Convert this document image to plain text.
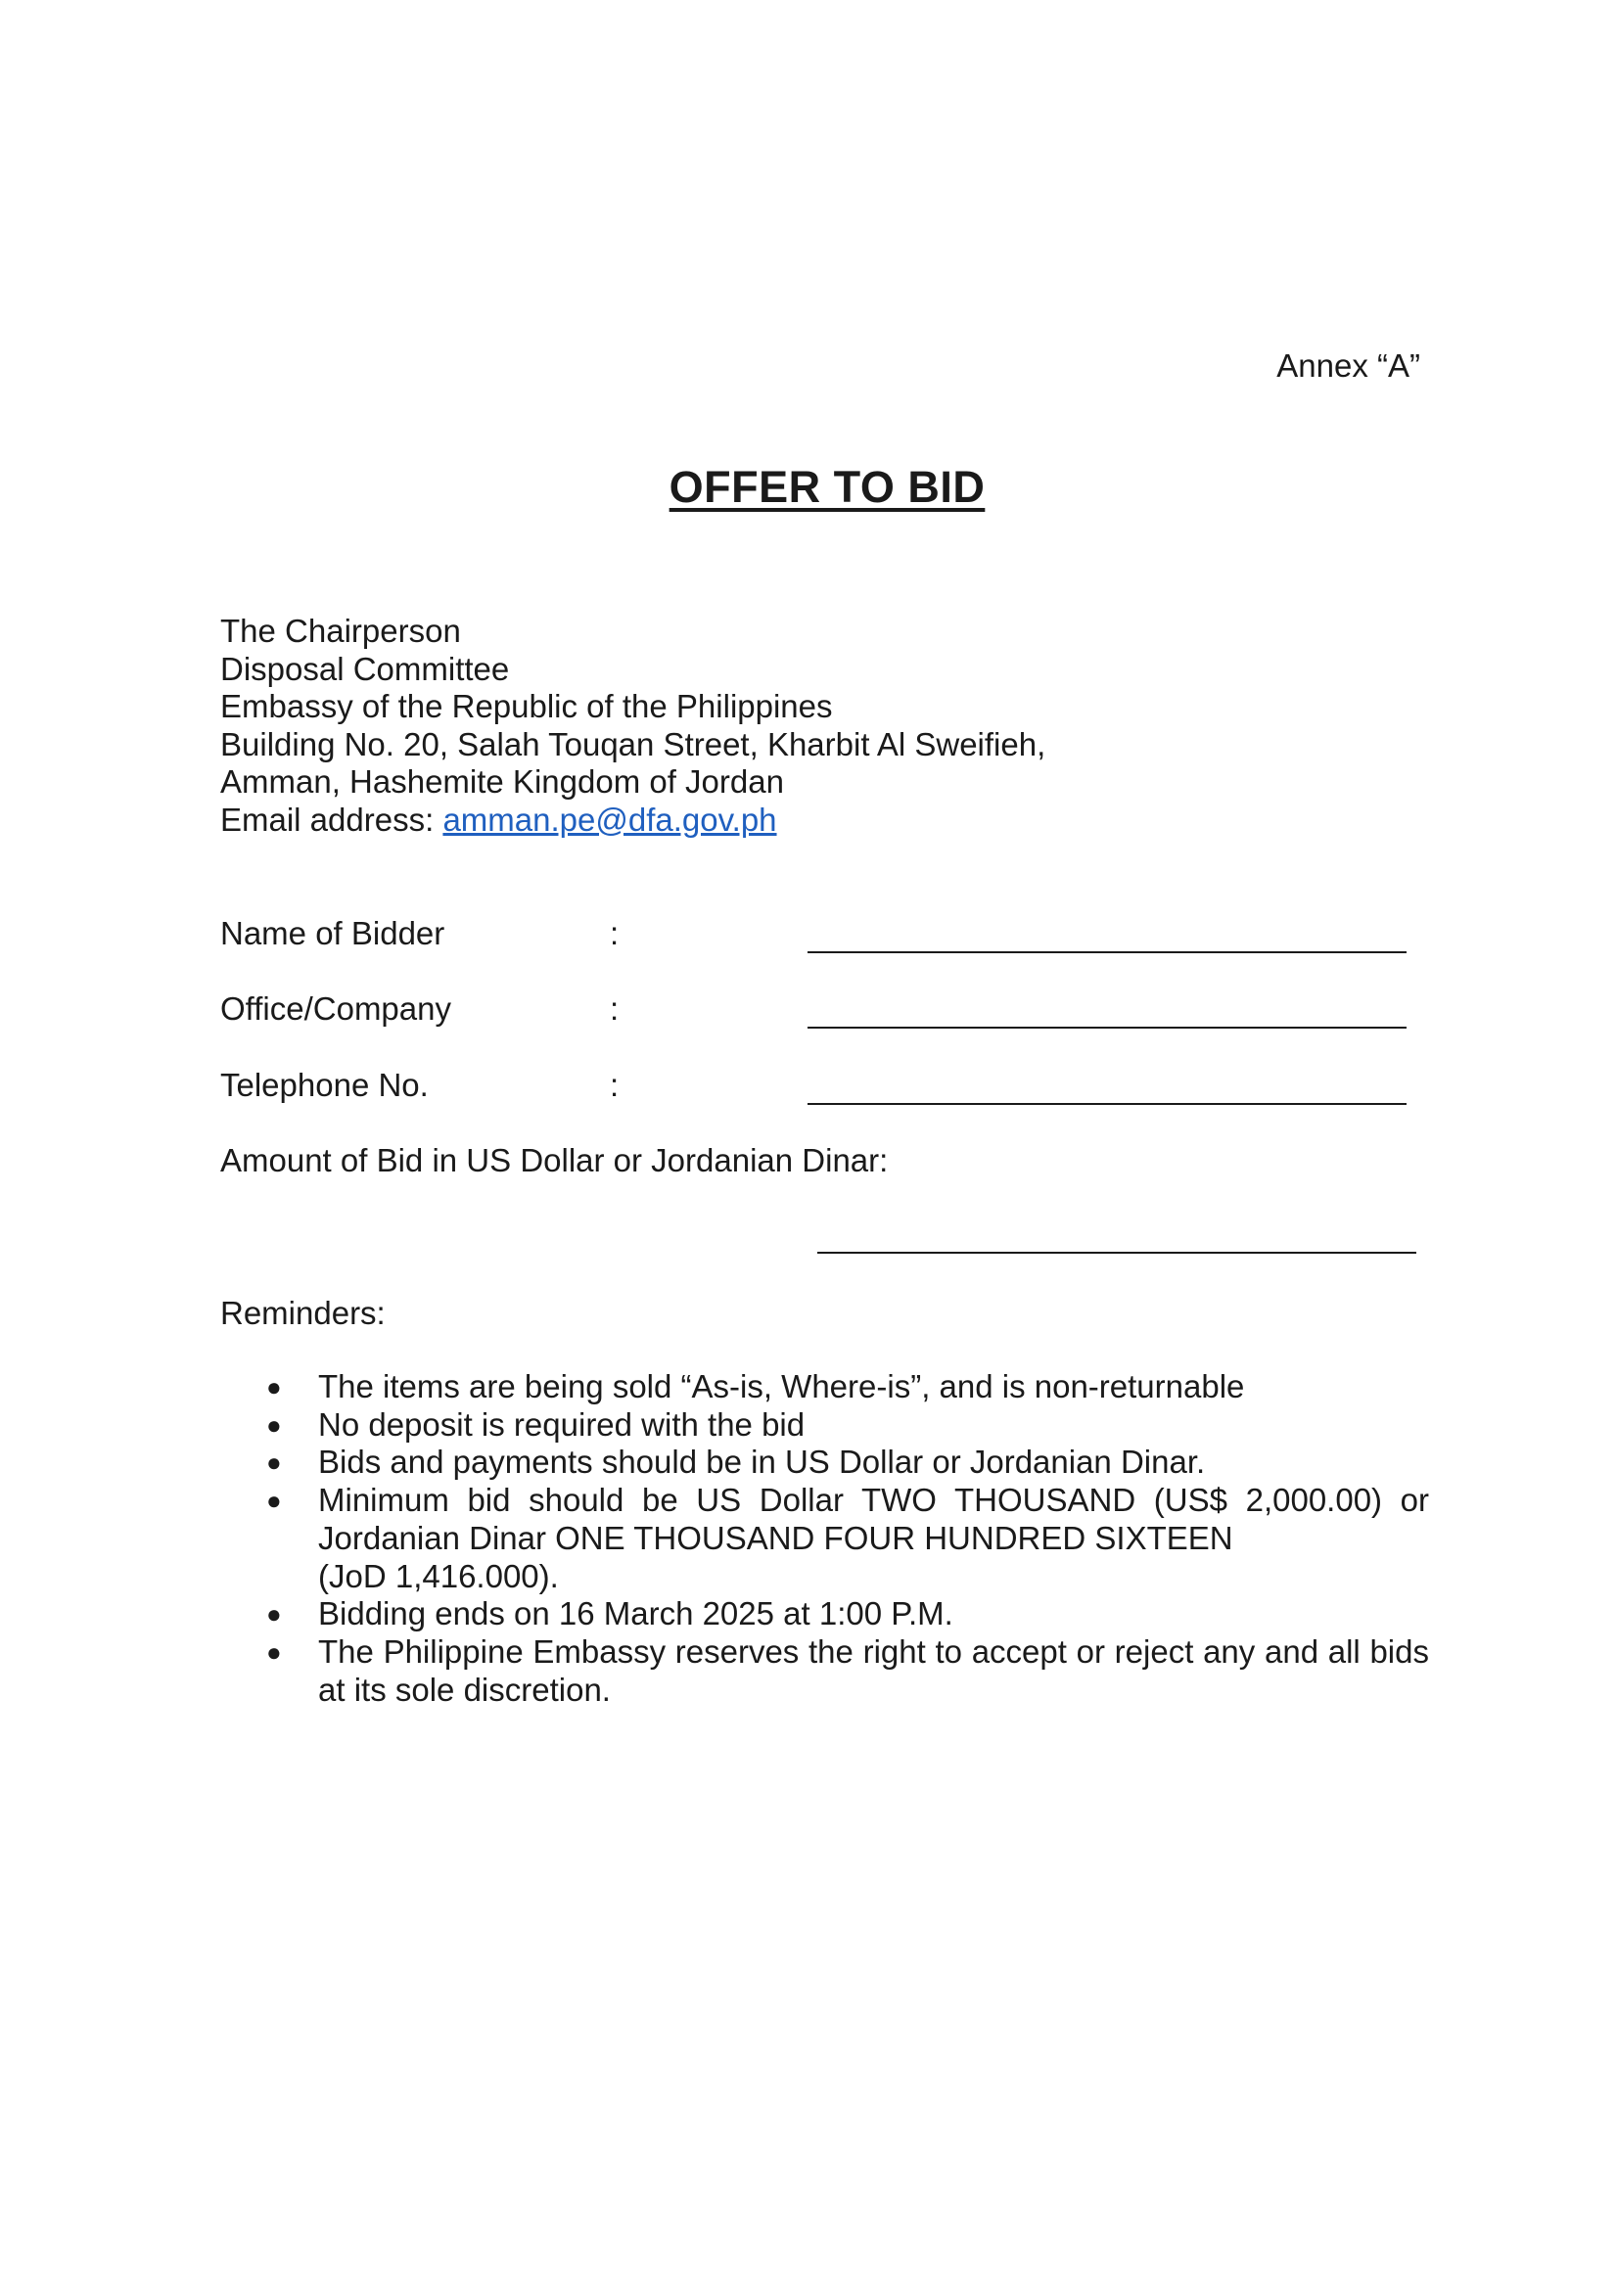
Annex “A”
OFFER TO BID
The Chairperson
Disposal Committee
Embassy of the Republic of the Philippines
Building No. 20, Salah Touqan Street, Kharbit Al Sweifieh,
Amman, Hashemite Kingdom of Jordan
Email address: amman.pe@dfa.gov.ph
Name of Bidder	:
Office/Company	:
Telephone No.	:
Amount of Bid in US Dollar or Jordanian Dinar:
Reminders:
● The items are being sold “As-is, Where-is”, and is non-returnable
● No deposit is required with the bid
● Bids and payments should be in US Dollar or Jordanian Dinar.
● Minimum bid should be US Dollar TWO THOUSAND (US$ 2,000.00) or Jordanian Dinar ONE THOUSAND FOUR HUNDRED SIXTEEN
(JoD 1,416.000).
● Bidding ends on 16 March 2025 at 1:00 P.M.
● The Philippine Embassy reserves the right to accept or reject any and all bids at its sole discretion.
